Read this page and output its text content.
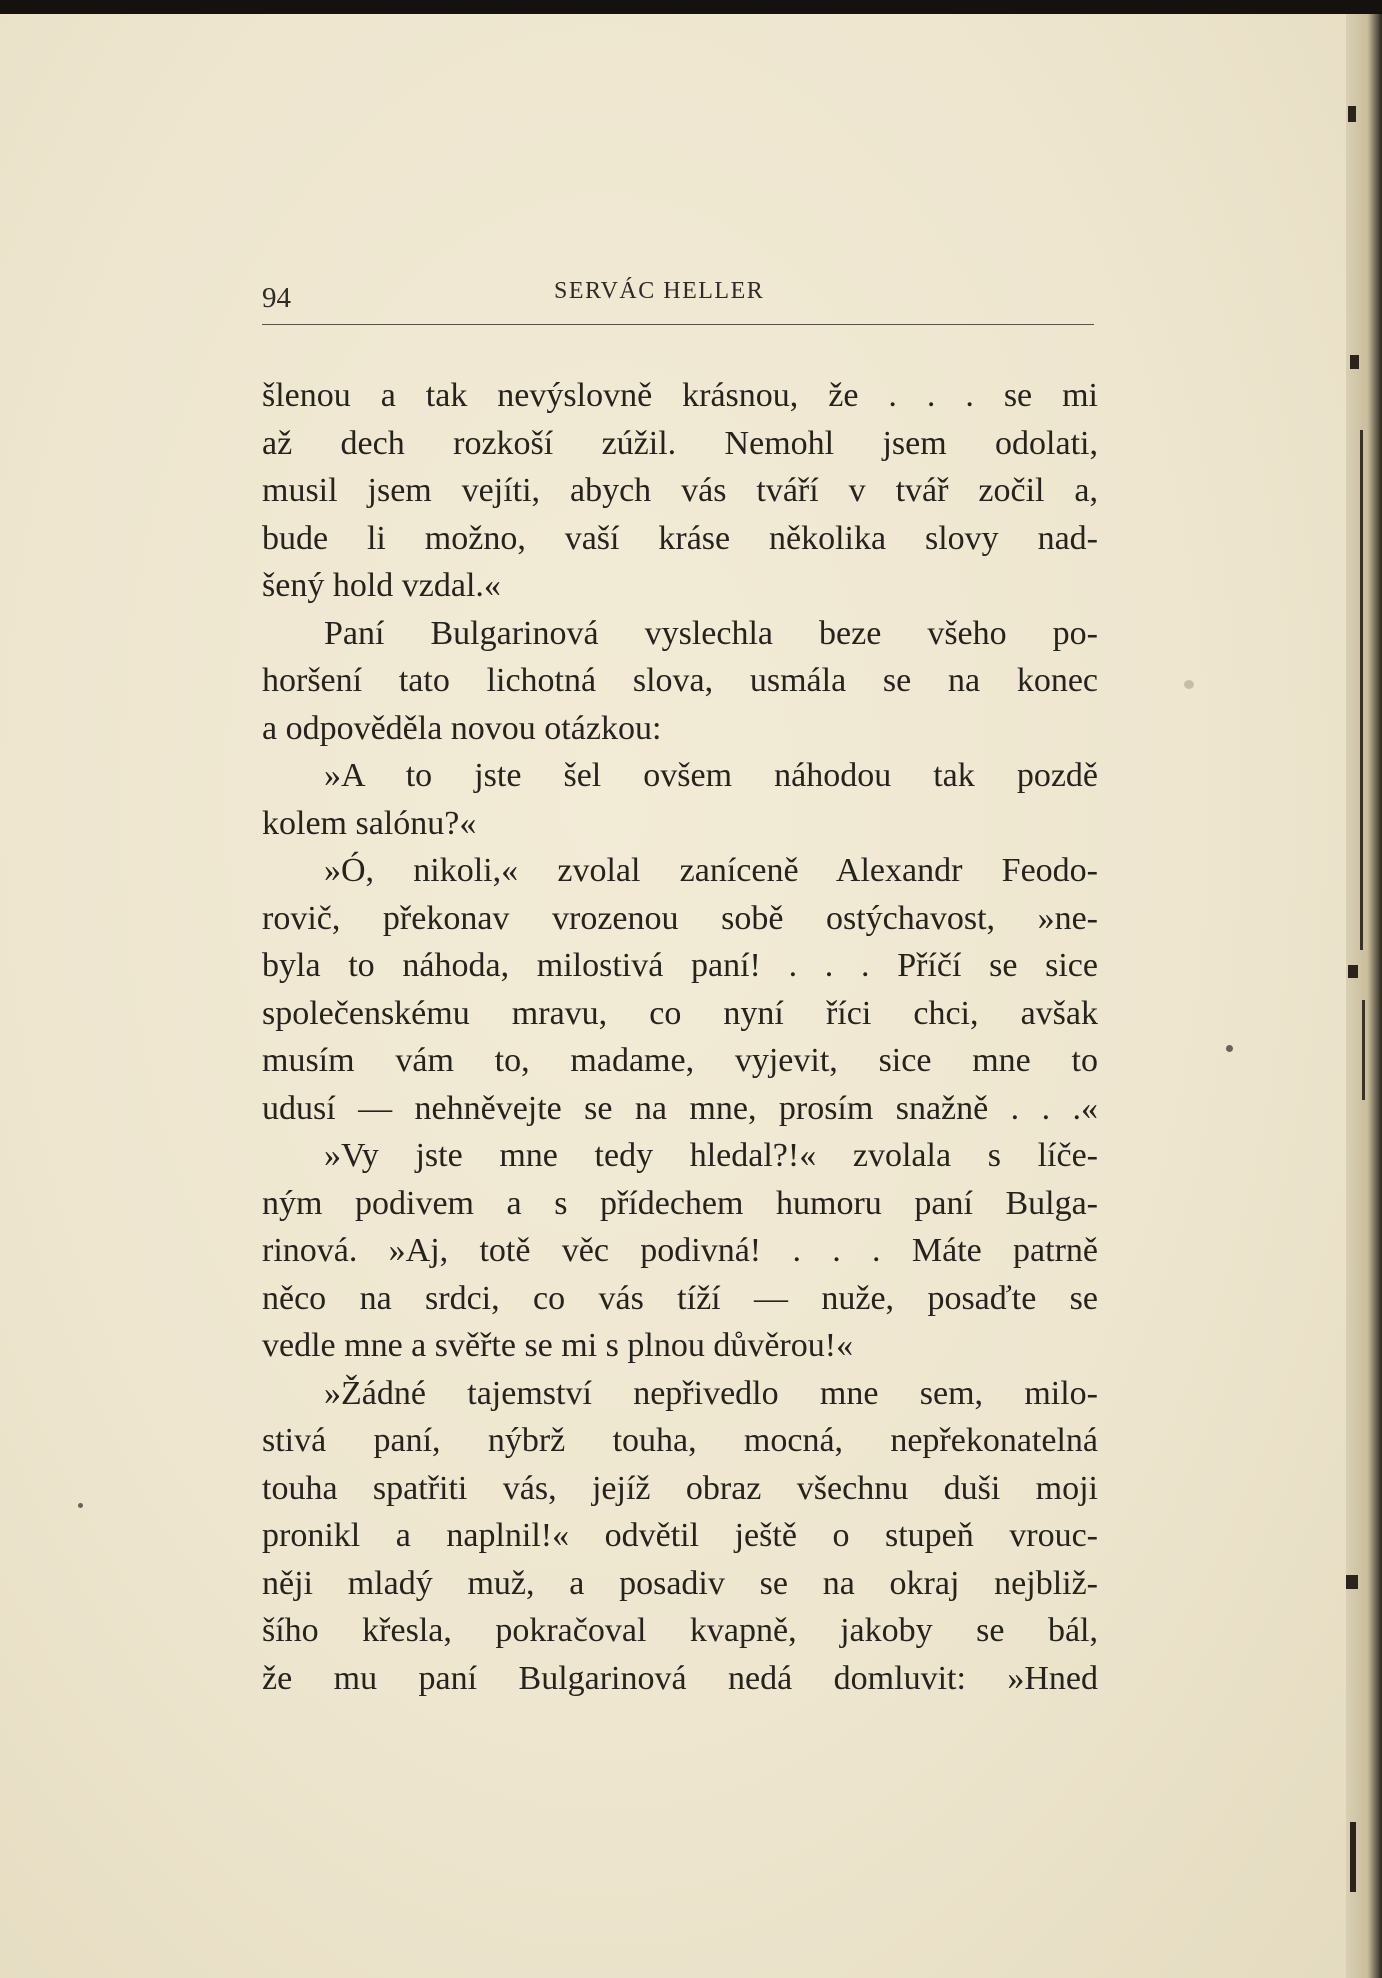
94	SERVÁC HELLER
šlenou a tak nevýslovně krásnou, že . . . se mi
až dech rozkoší zúžil. Nemohl jsem odolati,
musil jsem vejíti, abych vás tváří v tvář zočil a,
bude li možno, vaší kráse několika slovy nad-
šený hold vzdal.«
Paní Bulgarinová vyslechla beze všeho po-
horšení tato lichotná slova, usmála se na konec
a odpověděla novou otázkou:
»A to jste šel ovšem náhodou tak pozdě
kolem salónu?«
»Ó, nikoli,« zvolal zaníceně Alexandr Feodo-
rovič, překonav vrozenou sobě ostýchavost, »ne-
byla to náhoda, milostivá paní! . . . Příčí se sice
společenskému mravu, co nyní říci chci, avšak
musím vám to, madame, vyjevit, sice mne to
udusí — nehněvejte se na mne, prosím snažně . . .«
»Vy jste mne tedy hledal?!« zvolala s líče-
ným podivem a s přídechem humoru paní Bulga-
rinová. »Aj, totě věc podivná! . . . Máte patrně
něco na srdci, co vás tíží — nuže, posaďte se
vedle mne a svěřte se mi s plnou důvěrou!«
»Žádné tajemství nepřivedlo mne sem, milo-
stivá paní, nýbrž touha, mocná, nepřekonatelná
touha spatřiti vás, jejíž obraz všechnu duši moji
pronikl a naplnil!« odvětil ještě o stupeň vrouc-
něji mladý muž, a posadiv se na okraj nejbliž-
šího křesla, pokračoval kvapně, jakoby se bál,
že mu paní Bulgarinová nedá domluvit: »Hned
